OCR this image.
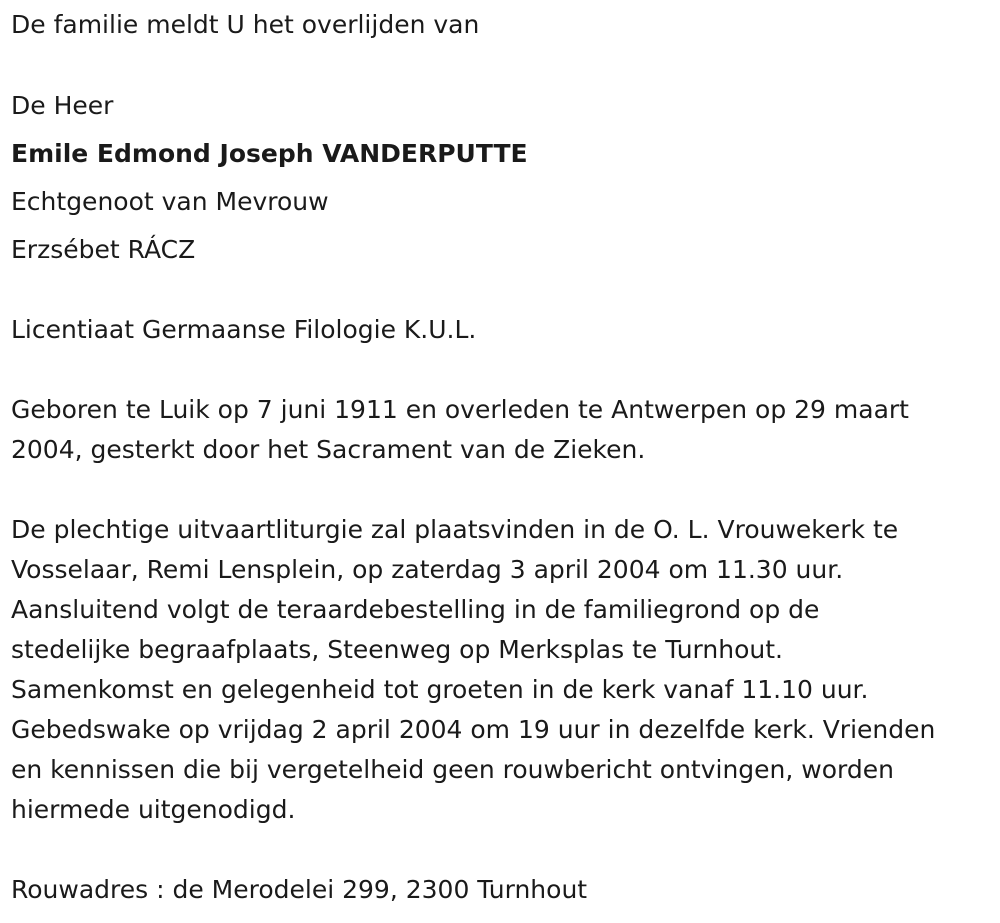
De familie meldt U het overlijden van
De Heer
Emile Edmond Joseph VANDERPUTTE
Echtgenoot van Mevrouw
Erzsébet RÁCZ
Licentiaat Germaanse Filologie K.U.L.
Geboren te Luik op 7 juni 1911 en overleden te Antwerpen op 29 maart
2004, gesterkt door het Sacrament van de Zieken.
De plechtige uitvaartliturgie zal plaatsvinden in de O. L. Vrouwekerk te
Vosselaar, Remi Lensplein, op zaterdag 3 april 2004 om 11.30 uur.
Aansluitend volgt de teraardebestelling in de familiegrond op de
stedelijke begraafplaats, Steenweg op Merksplas te Turnhout.
Samenkomst en gelegenheid tot groeten in de kerk vanaf 11.10 uur.
Gebedswake op vrijdag 2 april 2004 om 19 uur in dezelfde kerk. Vrienden
en kennissen die bij vergetelheid geen rouwbericht ontvingen, worden
hiermede uitgenodigd.
Rouwadres : de Merodelei 299, 2300 Turnhout
